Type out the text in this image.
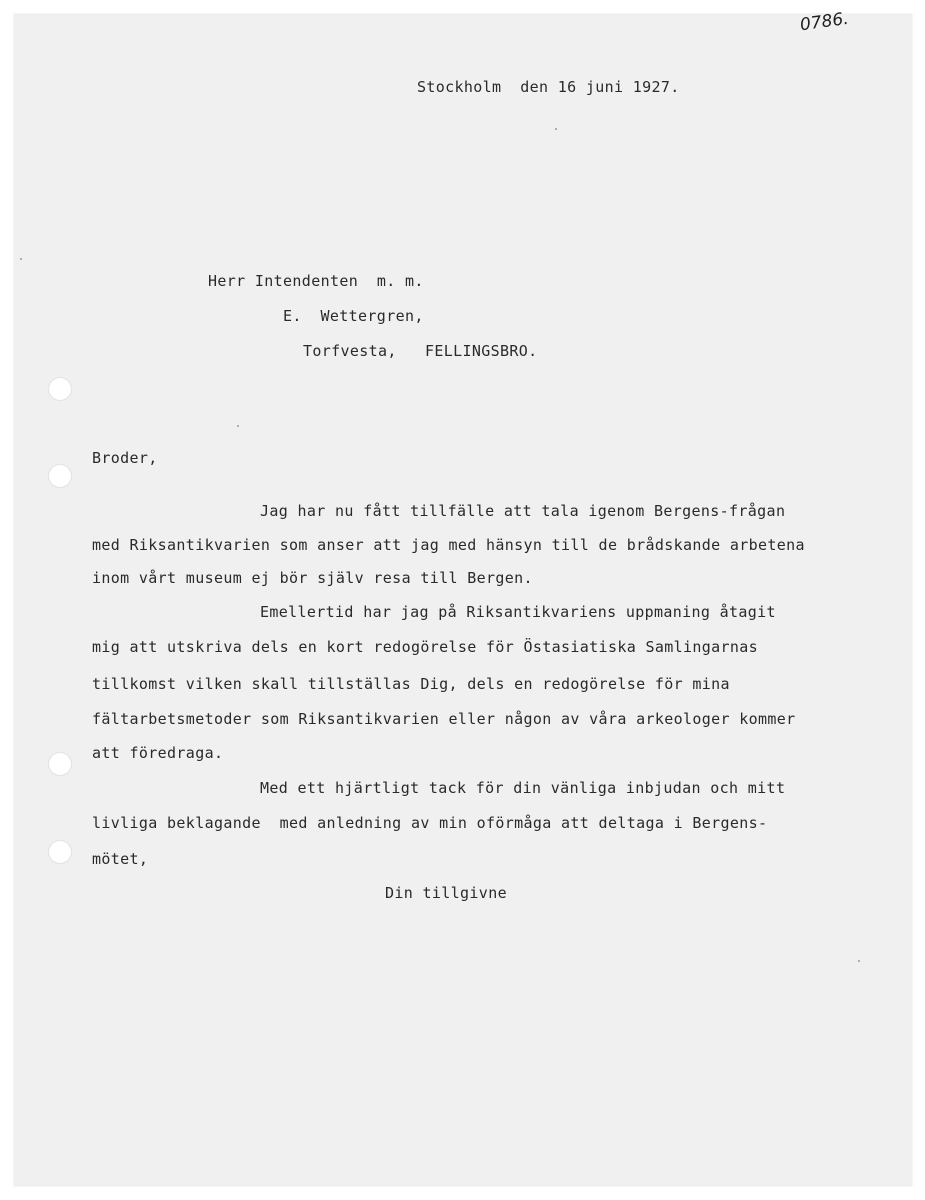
0786.
Stockholm  den 16 juni 1927.
Herr Intendenten  m. m.
E.  Wettergren,
Torfvesta,   FELLINGSBRO.
Broder,
Jag har nu fått tillfälle att tala igenom Bergens-frågan
med Riksantikvarien som anser att jag med hänsyn till de brådskande arbetena
inom vårt museum ej bör själv resa till Bergen.
Emellertid har jag på Riksantikvariens uppmaning åtagit
mig att utskriva dels en kort redogörelse för Östasiatiska Samlingarnas
tillkomst vilken skall tillställas Dig, dels en redogörelse för mina
fältarbetsmetoder som Riksantikvarien eller någon av våra arkeologer kommer
att föredraga.
Med ett hjärtligt tack för din vänliga inbjudan och mitt
livliga beklagande  med anledning av min oförmåga att deltaga i Bergens-
mötet,
Din tillgivne
